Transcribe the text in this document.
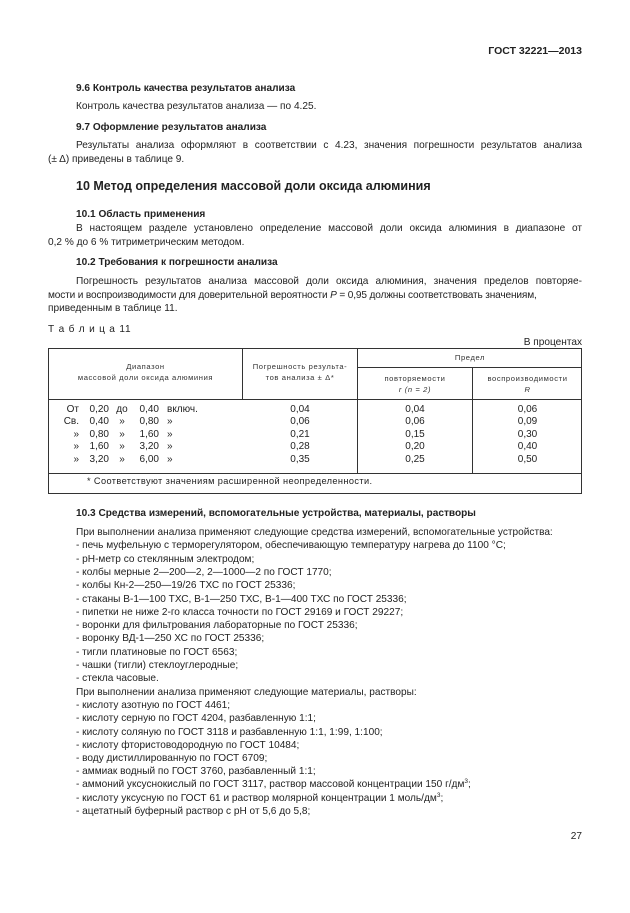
ГОСТ 32221—2013
9.6 Контроль качества результатов анализа
Контроль качества результатов анализа — по 4.25.
9.7 Оформление результатов анализа
Результаты анализа оформляют в соответствии с 4.23, значения погрешности результатов анализа
(± Δ) приведены в таблице 9.
10 Метод определения массовой доли оксида алюминия
10.1 Область применения
В настоящем разделе установлено определение массовой доли оксида алюминия в диапазоне от
0,2 % до 6 % титриметрическим методом.
10.2 Требования к погрешности анализа
Погрешность результатов анализа массовой доли оксида алюминия, значения пределов повторяе-
мости и воспроизводимости для доверительной вероятности P = 0,95 должны соответствовать значениям,
приведенным в таблице 11.
Т а б л и ц а 11
В процентах
Диапазон
массовой доли оксида алюминия
Погрешность результа-
тов анализа ± Δ*
Предел
повторяемости
r (n = 2)
воспроизводимости
R
От	0,20 до	0,40 включ.	0,04	0,04	0,06
Св.	0,40	»	0,80 »	0,06	0,06	0,09
»	0,80	»	1,60 »	0,21	0,15	0,30
»	1,60	»	3,20 »	0,28	0,20	0,40
»	3,20	»	6,00 »	0,35	0,25	0,50
* Соответствуют значениям расширенной неопределенности.
10.3 Средства измерений, вспомогательные устройства, материалы, растворы
При выполнении анализа применяют следующие средства измерений, вспомогательные устройства:
- печь муфельную с терморегулятором, обеспечивающую температуру нагрева до 1100 °С;
- рН-метр со стеклянным электродом;
- колбы мерные 2—200—2, 2—1000—2 по ГОСТ 1770;
- колбы Кн-2—250—19/26 ТХС по ГОСТ 25336;
- стаканы В-1—100 ТХС, В-1—250 ТХС, В-1—400 ТХС по ГОСТ 25336;
- пипетки не ниже 2-го класса точности по ГОСТ 29169 и ГОСТ 29227;
- воронки для фильтрования лабораторные по ГОСТ 25336;
- воронку ВД-1—250 ХС по ГОСТ 25336;
- тигли платиновые по ГОСТ 6563;
- чашки (тигли) стеклоуглеродные;
- стекла часовые.
При выполнении анализа применяют следующие материалы, растворы:
- кислоту азотную по ГОСТ 4461;
- кислоту серную по ГОСТ 4204, разбавленную 1:1;
- кислоту соляную по ГОСТ 3118 и разбавленную 1:1, 1:99, 1:100;
- кислоту фтористоводородную по ГОСТ 10484;
- воду дистиллированную по ГОСТ 6709;
- аммиак водный по ГОСТ 3760, разбавленный 1:1;
- аммоний уксуснокислый по ГОСТ 3117, раствор массовой концентрации 150 $г/дм^3$;
- кислоту уксусную по ГОСТ 61 и раствор молярной концентрации 1 моль/$дм^3$;
- ацетатный буферный раствор с рН от 5,6 до 5,8;
27
